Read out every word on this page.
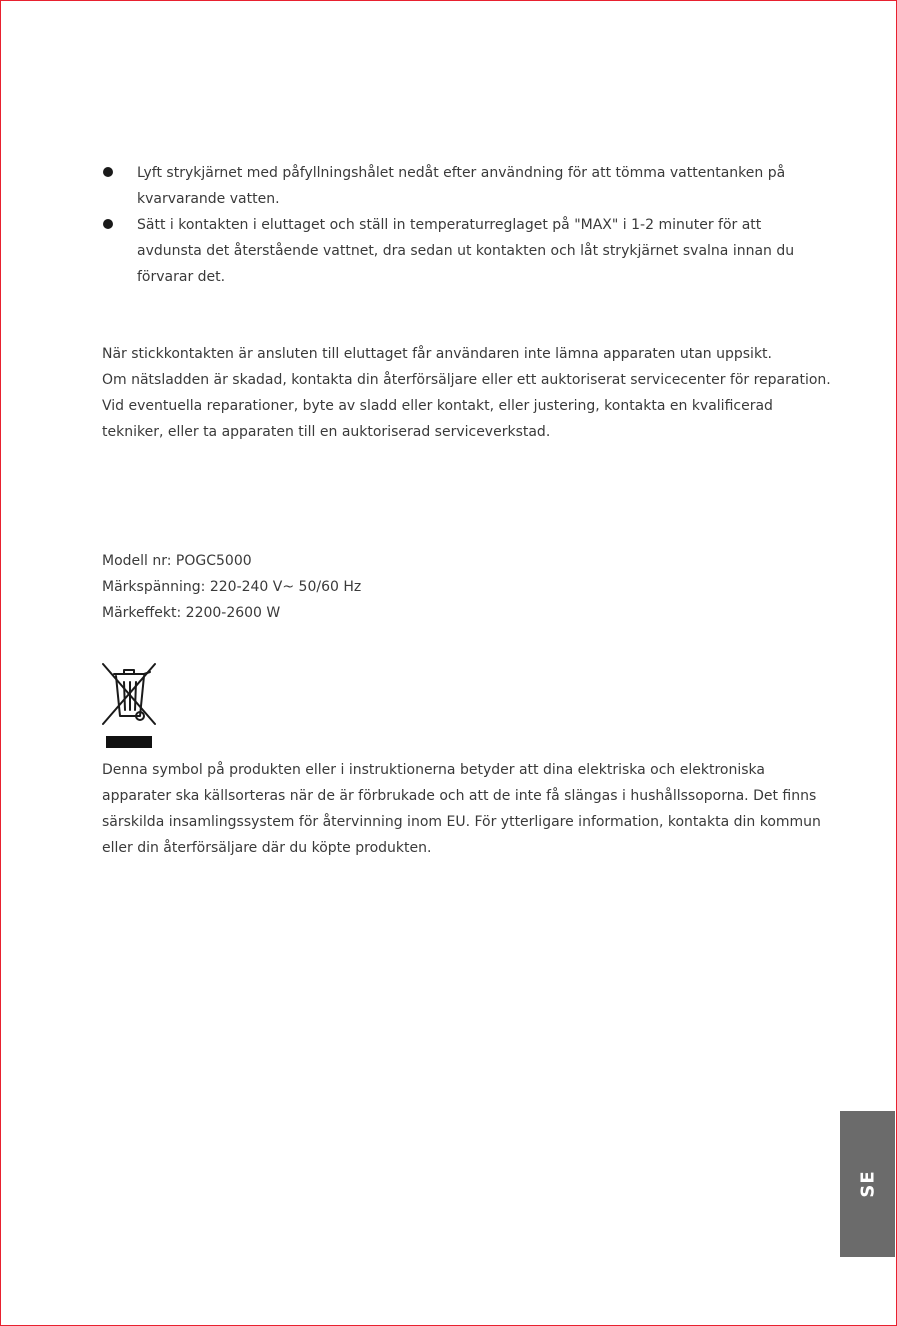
Lyft strykjärnet med påfyllningshålet nedåt efter användning för att tömma vattentanken på kvarvarande vatten.
Sätt i kontakten i eluttaget och ställ in temperaturreglaget på "MAX" i 1-2 minuter för att avdunsta det återstående vattnet, dra sedan ut kontakten och låt strykjärnet svalna innan du förvarar det.

När stickkontakten är ansluten till eluttaget får användaren inte lämna apparaten utan uppsikt.

Om nätsladden är skadad, kontakta din återförsäljare eller ett auktoriserat servicecenter för reparation.

Vid eventuella reparationer, byte av sladd eller kontakt, eller justering, kontakta en kvalificerad tekniker, eller ta apparaten till en auktoriserad serviceverkstad.

Modell nr: POGC5000

Märkspänning: 220-240 V~ 50/60 Hz

Märkeffekt: 2200-2600 W

Denna symbol på produkten eller i instruktionerna betyder att dina elektriska och elektroniska apparater ska källsorteras när de är förbrukade och att de inte få slängas i hushållssoporna. Det finns särskilda insamlingssystem för återvinning inom EU. För ytterligare information, kontakta din kommun eller din återförsäljare där du köpte produkten.

SE
